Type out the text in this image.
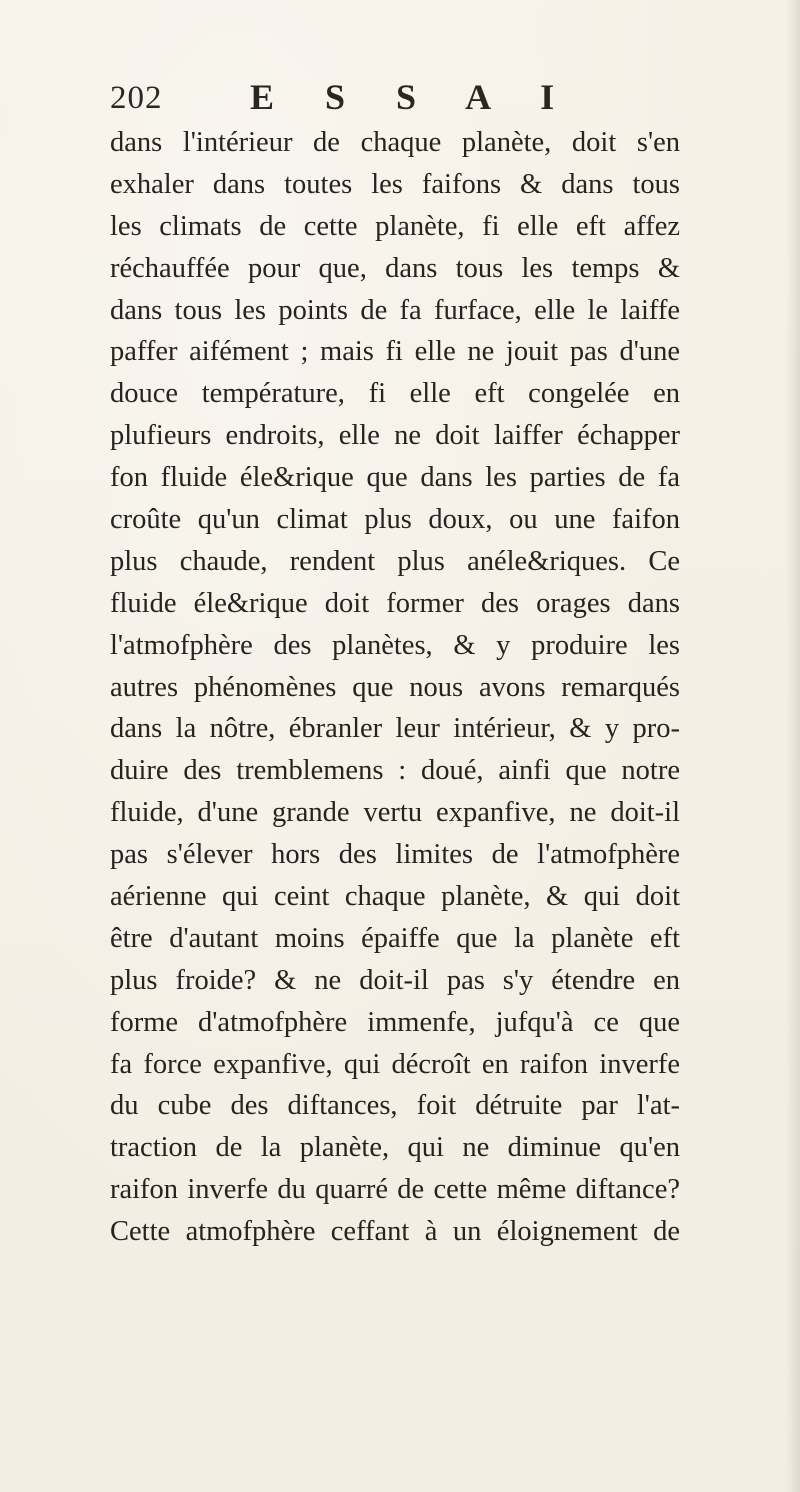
202 E S S A I
dans l'intérieur de chaque planète, doit s'en
exhaler dans toutes les faifons & dans tous
les climats de cette planète, fi elle eft affez
réchauffée pour que, dans tous les temps &
dans tous les points de fa furface, elle le laiffe
paffer aifément ; mais fi elle ne jouit pas d'une
douce température, fi elle eft congelée en
plufieurs endroits, elle ne doit laiffer échapper
fon fluide éle&rique que dans les parties de fa
croûte qu'un climat plus doux, ou une faifon
plus chaude, rendent plus anéle&riques. Ce
fluide éle&rique doit former des orages dans
l'atmofphère des planètes, & y produire les
autres phénomènes que nous avons remarqués
dans la nôtre, ébranler leur intérieur, & y pro-
duire des tremblemens : doué, ainfi que notre
fluide, d'une grande vertu expanfive, ne doit-il
pas s'élever hors des limites de l'atmofphère
aérienne qui ceint chaque planète, & qui doit
être d'autant moins épaiffe que la planète eft
plus froide? & ne doit-il pas s'y étendre en
forme d'atmofphère immenfe, jufqu'à ce que
fa force expanfive, qui décroît en raifon inverfe
du cube des diftances, foit détruite par l'at-
traction de la planète, qui ne diminue qu'en
raifon inverfe du quarré de cette même diftance?
Cette atmofphère ceffant à un éloignement de
